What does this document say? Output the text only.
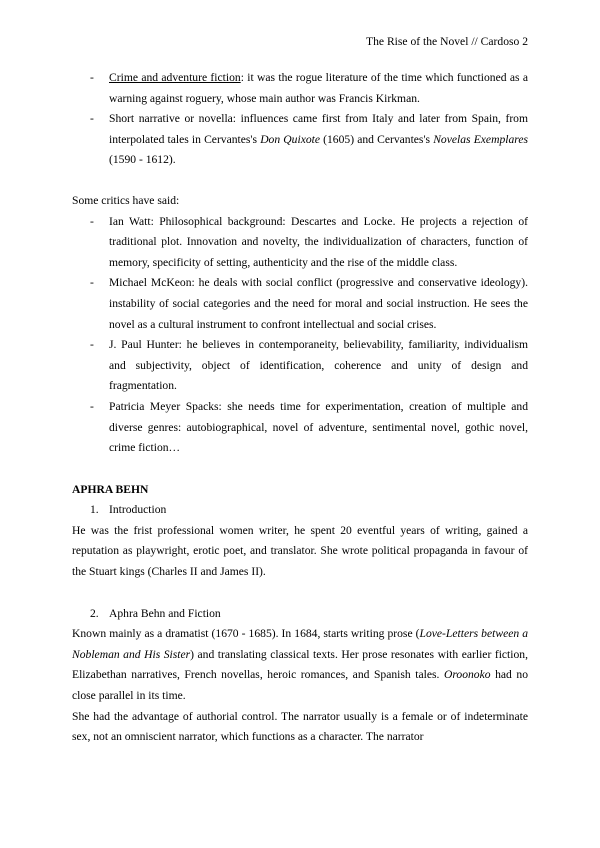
The Rise of the Novel // Cardoso 2
- Crime and adventure fiction: it was the rogue literature of the time which functioned as a warning against roguery, whose main author was Francis Kirkman.
- Short narrative or novella: influences came first from Italy and later from Spain, from interpolated tales in Cervantes's Don Quixote (1605) and Cervantes's Novelas Exemplares (1590 - 1612).

Some critics have said:

- Ian Watt: Philosophical background: Descartes and Locke. He projects a rejection of traditional plot. Innovation and novelty, the individualization of characters, function of memory, specificity of setting, authenticity and the rise of the middle class.
- Michael McKeon: he deals with social conflict (progressive and conservative ideology). instability of social categories and the need for moral and social instruction. He sees the novel as a cultural instrument to confront intellectual and social crises.
- J. Paul Hunter: he believes in contemporaneity, believability, familiarity, individualism and subjectivity, object of identification, coherence and unity of design and fragmentation.
- Patricia Meyer Spacks: she needs time for experimentation, creation of multiple and diverse genres: autobiographical, novel of adventure, sentimental novel, gothic novel, crime fiction…
APHRA BEHN
1. Introduction

He was the frist professional women writer, he spent 20 eventful years of writing, gained a reputation as playwright, erotic poet, and translator. She wrote political propaganda in favour of the Stuart kings (Charles II and James II).

2. Aphra Behn and Fiction

Known mainly as a dramatist (1670 - 1685). In 1684, starts writing prose (Love-Letters between a Nobleman and His Sister) and translating classical texts. Her prose resonates with earlier fiction, Elizabethan narratives, French novellas, heroic romances, and Spanish tales. Oroonoko had no close parallel in its time.

She had the advantage of authorial control. The narrator usually is a female or of indeterminate sex, not an omniscient narrator, which functions as a character. The narrator
